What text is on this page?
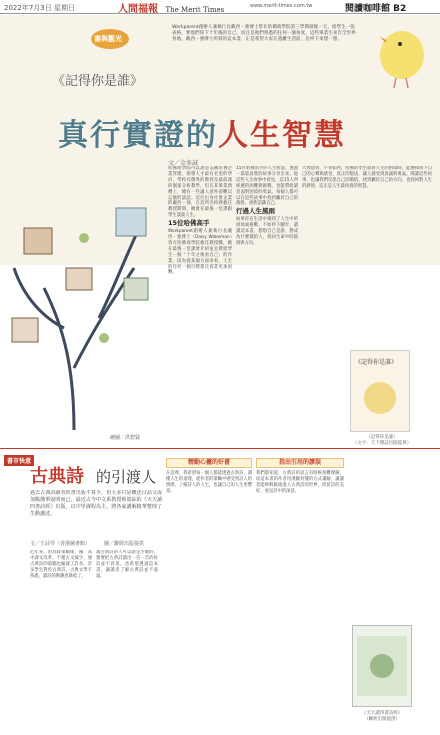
2022年7月3日 星期日	人間福報 The Merit Times	www.merit-times.com.tw	閱讀咖啡館 B2
書與觀光
《記得你是誰》
Workparent創辦人兼執行長戴西・強博士常在哈佛商學院第三學期最後一天，給學生一張表格，要他們寫下十年後的自己，而且是他們熟悉的任何一個角度，這些畢業生來自全世界各地，戴西・強博士所寫的這本書，正是希望大家在逃離生活前，先停下來想一想。
真行實證的人生智慧
文／金多誠
繪圖／洪碧賢

哈佛商學院可以說是美國培養企業管理、領導人才最有名望的學府，學校有優秀的教授及最前端的個案分析教學，但在其畢業典禮上，總有一些讓人意外卻難以忘懷的談話。這位出身社會企業的戴西・強，在這所名校裡擔任教授期間，總會在最後一堂課跟學生談談人生。

15位哈佛高手

Workparent創辦人兼執行長戴西・強博士（Daisy Wakeman）曾在哈佛商學院擔任教授職，她在最後一堂課會介紹並且教給學生一個「十年之後看自己」的作業，因為從某個方面來看，人生的任何一個目標都比商業更加困難。

15位哈佛高手的人生智慧，透過一篇篇真實的故事分享出來。從這些人生故事中看見，這15人所經歷的困難與挑戰，也能帶給讀者面對困境的勇氣。每個人都可以在這些故事中找到屬於自己的啟發，重新認識自己。

行過人生風雨

如果你在生活中遇到了人生中的困境或挑戰，不妨停下腳步，讀讀這本書，想想自己是誰，想成為什麼樣的人，找回生命中的熱情與方向。

大致想到，不管如何，哈佛的學生面對人生的困境時，能選擇寫下自己的心聲與感受，真正的想法，讓人感受到真誠與勇氣。閱讀這些故事，也讓我們反思自己的價值，找到屬於自己的方向，也找回對人生的熱情，這正是人生最珍貴的智慧。

《記得你是誰》
（記得你是誰）
（文字：天下雜誌出版提供）
書市快意
古典詩 的引渡人
過去古典詩讀者的書出版不算少，但大多只是概述白話文或加點簡單說明而已，最近古今中文系教授蔡篤綜的《天天讀四書詩經》出版，以中學課程為主，將各家講解精華整理了生動講述。
文／王詩琴（香港圖書館）	圖／聯經出版提供
近年來，因為政策關係，國、高中課文改革，不僅古文減少，連古典詩的篇幅也縮減了許多，許多學生對於古典詩、古典文學不熟悉，讀詩的興趣也降低了。
讀古典詩的人可以說是少數的，想要把古典詩讀出一首一首的好詩並不容易，也希望透過這本書，讓讀者了解古典詩並不遙遠。
精動心靈的好書

在這裡，我希望每一個人都能透過古典詩，讀懂人生的道理，從作者的筆觸中感受到詩人的情感，了解詩人的人生，也讓自己的人生更豐富。

指出引用的謬誤

我們都知道，古典詩的語言有時候很難理解，而這本書的作者用淺顯易懂的方式講解，讓讀者能夠輕鬆地進入古典詩的世界，欣賞詩的美好，看見詩中的深意。

《天天讀四書詩經》
（聯經出版提供）
